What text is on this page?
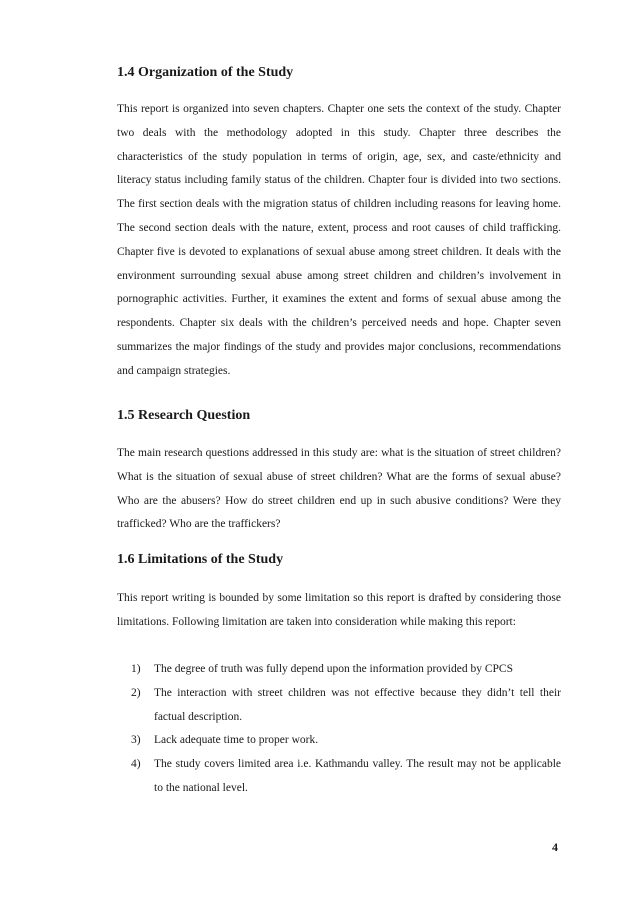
1.4 Organization of the Study

This report is organized into seven chapters. Chapter one sets the context of the study. Chapter two deals with the methodology adopted in this study. Chapter three describes the characteristics of the study population in terms of origin, age, sex, and caste/ethnicity and literacy status including family status of the children. Chapter four is divided into two sections. The first section deals with the migration status of children including reasons for leaving home. The second section deals with the nature, extent, process and root causes of child trafficking. Chapter five is devoted to explanations of sexual abuse among street children. It deals with the environment surrounding sexual abuse among street children and children’s involvement in pornographic activities. Further, it examines the extent and forms of sexual abuse among the respondents. Chapter six deals with the children’s perceived needs and hope. Chapter seven summarizes the major findings of the study and provides major conclusions, recommendations and campaign strategies.

1.5 Research Question

The main research questions addressed in this study are: what is the situation of street children? What is the situation of sexual abuse of street children? What are the forms of sexual abuse? Who are the abusers? How do street children end up in such abusive conditions? Were they trafficked? Who are the traffickers?

1.6 Limitations of the Study

This report writing is bounded by some limitation so this report is drafted by considering those limitations. Following limitation are taken into consideration while making this report:

1) The degree of truth was fully depend upon the information provided by CPCS
2) The interaction with street children was not effective because they didn’t tell their      factual description.
3) Lack adequate time to proper work.
4) The study covers limited area i.e. Kathmandu valley. The result may not be applicable to the national level.
4
